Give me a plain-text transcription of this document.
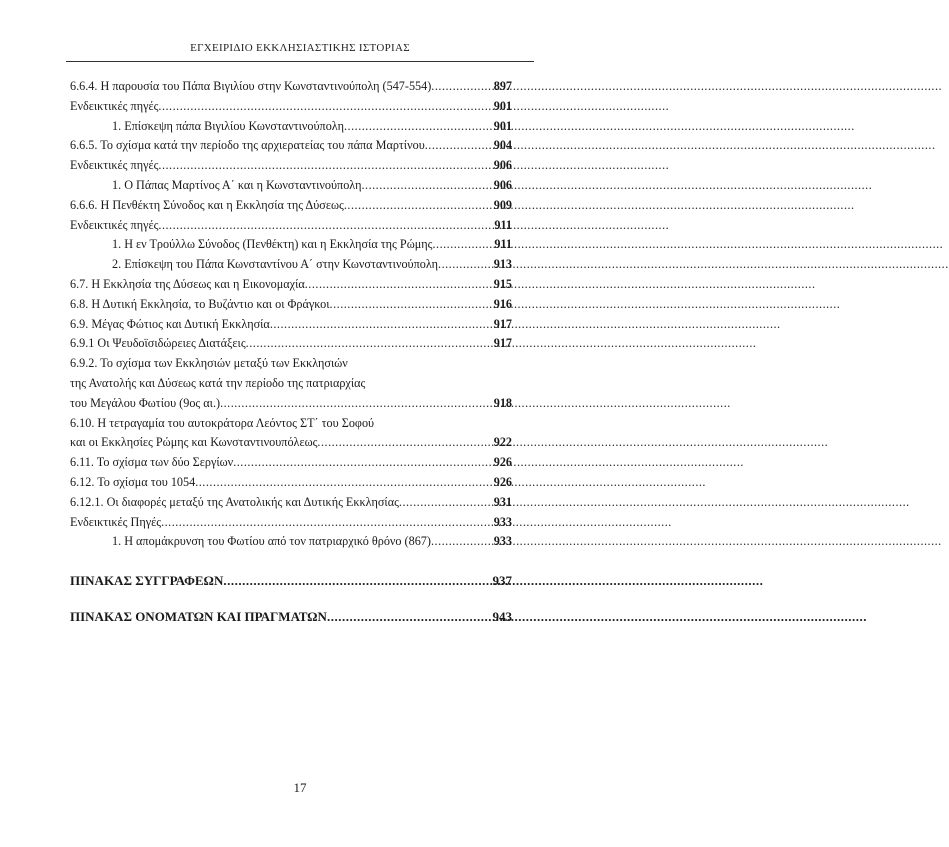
ΕΓΧΕΙΡΙΔΙΟ ΕΚΚΛΗΣΙΑΣΤΙΚΗΣ ΙΣΤΟΡΙΑΣ
6.6.4. Η παρουσία του Πάπα Βιγιλίου στην Κωνσταντινούπολη (547-554) .....	897
Ενδεικτικές πηγές .....	901
1. Επίσκεψη πάπα Βιγιλίου Κωνσταντινούπολη .....	901
6.6.5. Το σχίσμα κατά την περίοδο της αρχιερατείας του πάπα Μαρτίνου .....	904
Ενδεικτικές πηγές .....	906
1. Ο Πάπας Μαρτίνος Α΄ και η Κωνσταντινούπολη .....	906
6.6.6. Η Πενθέκτη Σύνοδος και η Εκκλησία της Δύσεως .....	909
Ενδεικτικές πηγές .....	911
1. Η εν Τρούλλω Σύνοδος (Πενθέκτη) και η Εκκλησία της Ρώμης .....	911
2. Επίσκεψη του Πάπα Κωνσταντίνου Α΄ στην Κωνσταντινούπολη .....	913
6.7. Η Εκκλησία της Δύσεως και η Εικονομαχία .....	915
6.8. Η Δυτική Εκκλησία, το Βυζάντιο και οι Φράγκοι .....	916
6.9. Μέγας Φώτιος και Δυτική Εκκλησία .....	917
6.9.1 Οι Ψευδοϊσιδώρειες Διατάξεις .....	917
6.9.2. Το σχίσμα των Εκκλησιών μεταξύ των Εκκλησιών
της Ανατολής και Δύσεως κατά την περίοδο της πατριαρχίας
του Μεγάλου Φωτίου (9ος αι.) .....	918
6.10. Η τετραγαμία του αυτοκράτορα Λεόντος ΣΤ΄ του Σοφού
και οι Εκκλησίες Ρώμης και Κωνσταντινουπόλεως .....	922
6.11. Το σχίσμα των δύο Σεργίων .....	926
6.12. Το σχίσμα του 1054 .....	926
6.12.1. Οι διαφορές μεταξύ της Ανατολικής και Δυτικής Εκκλησίας .....	931
Ενδεικτικές Πηγές .....	933
1. Η απομάκρυνση του Φωτίου από τον πατριαρχικό θρόνο (867) .....	933
ΠΙΝΑΚΑΣ ΣΥΓΓΡΑΦΕΩΝ .....	937
ΠΙΝΑΚΑΣ ΟΝΟΜΑΤΩΝ ΚΑΙ ΠΡΑΓΜΑΤΩΝ .....	943
17
